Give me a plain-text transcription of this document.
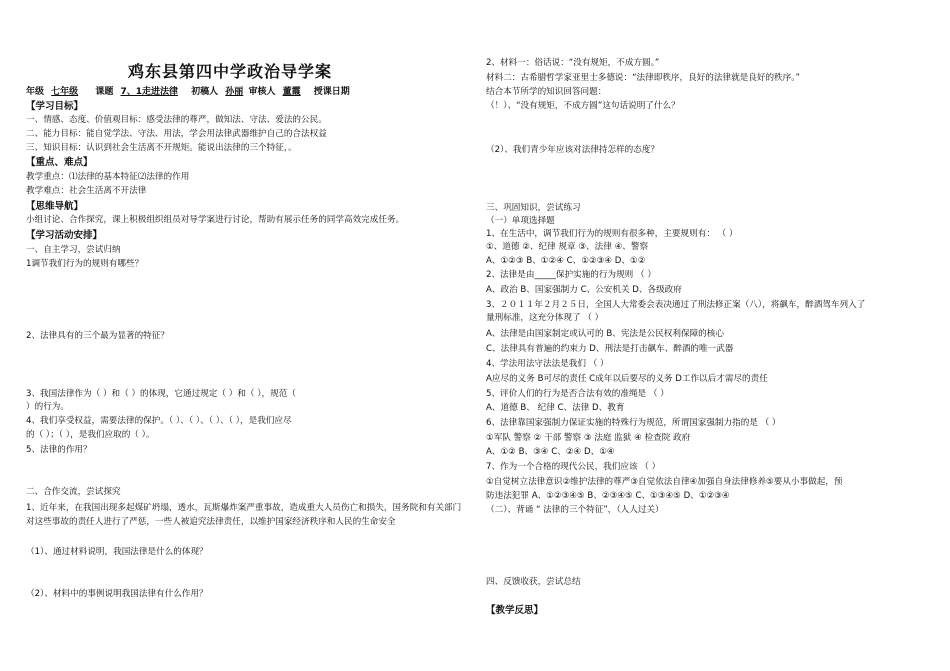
鸡东县第四中学政治导学案
年级 七年级 课题 7、1走进法律 初稿人 孙丽 审核人 董霞 授课日期
【学习目标】
一、情感、态度、价值观目标：感受法律的尊严，做知法、守法、爱法的公民。
二、能力目标：能自觉学法、守法、用法，学会用法律武器维护自己的合法权益
三、知识目标：认识到社会生活离不开规矩。能说出法律的三个特征，。
【重点、难点】
教学重点：⑴法律的基本特征⑵法律的作用
教学难点：社会生活离不开法律
【思维导航】
小组讨论、合作探究，课上积极组织组员对导学案进行讨论，帮助有展示任务的同学高效完成任务。
【学习活动安排】
一、自主学习，尝试归纳
1调节我们行为的规则有哪些？
2、法律具有的三个最为显著的特征？
3、我国法律作为（ ）和（ ）的体现，它通过规定（ ）和（ ），规范（
）的行为。
4、我们享受权益，需要法律的保护。（ ）、（ ）、（ ）、（ ），是我们应尽
的（ ）；（ ），是我们应取的（ ）。
5、法律的作用？
二、合作交流，尝试探究
1、近年来，在我国出现多起煤矿坍塌，透水，瓦斯爆炸案严重事故，造成重大人员伤亡和损失，国务院和有关部门对这些事故的责任人进行了严惩，一些人被追究法律责任，以维护国家经济秩序和人民的生命安全
（1）、通过材料说明，我国法律是什么的体现？
（2）、材料中的事例说明我国法律有什么作用？
2、材料一：俗话说：“没有规矩，不成方圆。”
材料二：古希腊哲学家亚里士多德说：“法律即秩序，良好的法律就是良好的秩序。”
结合本节所学的知识回答问题：
（！）、“没有规矩，不成方圆”这句话说明了什么？
（2）、我们青少年应该对法律持怎样的态度？
三、巩固知识，尝试练习
（一）单项选择题
1、在生活中，调节我们行为的规则有很多种，主要规则有： （ ）
①、道德 ②、纪律 规章 ③、法律 ④、警察
A、①②③ B、①②④ C、①②③④ D、①②
2、法律是由_____保护实施的行为规则 （ ）
A、政治 B、国家强制力 C、公安机关 D、各级政府
3、２０１１年２月２５日，全国人大常委会表决通过了刑法修正案（八），将飙车，醉酒驾车列入了
量刑标准，这充分体现了 （ ）
A、法律是由国家制定或认可的 B、宪法是公民权利保障的核心
C、法律具有普遍的约束力 D、刑法是打击飙车、醉酒的唯一武器
4、学法用法守法法是我们 （ ）
A应尽的义务 B可尽的责任 C成年以后要尽的义务 D工作以后才需尽的责任
5、评价人们的行为是否合法有效的准绳是 （ ）
A、道德 B、 纪律 C、法律 D、教育
6、法律靠国家强制力保证实施的特殊行为规范，所谓国家强制力指的是 （ ）
①军队 警察 ② 干部 警察 ③ 法庭 监狱 ④ 检查院 政府
A、①② B、③④ C、②④ D、①④
7、作为一个合格的现代公民，我们应该 （ ）
①自觉树立法律意识②维护法律的尊严③自觉依法自律④加强自身法律修养⑤要从小事做起，预
防违法犯罪 A、①②③④⑤ B、②③④⑤ C、①③④⑤ D、①②③④
（二）、背诵 “ 法律的三个特征”，（人人过关）
四、反馈收获，尝试总结
【教学反思】
